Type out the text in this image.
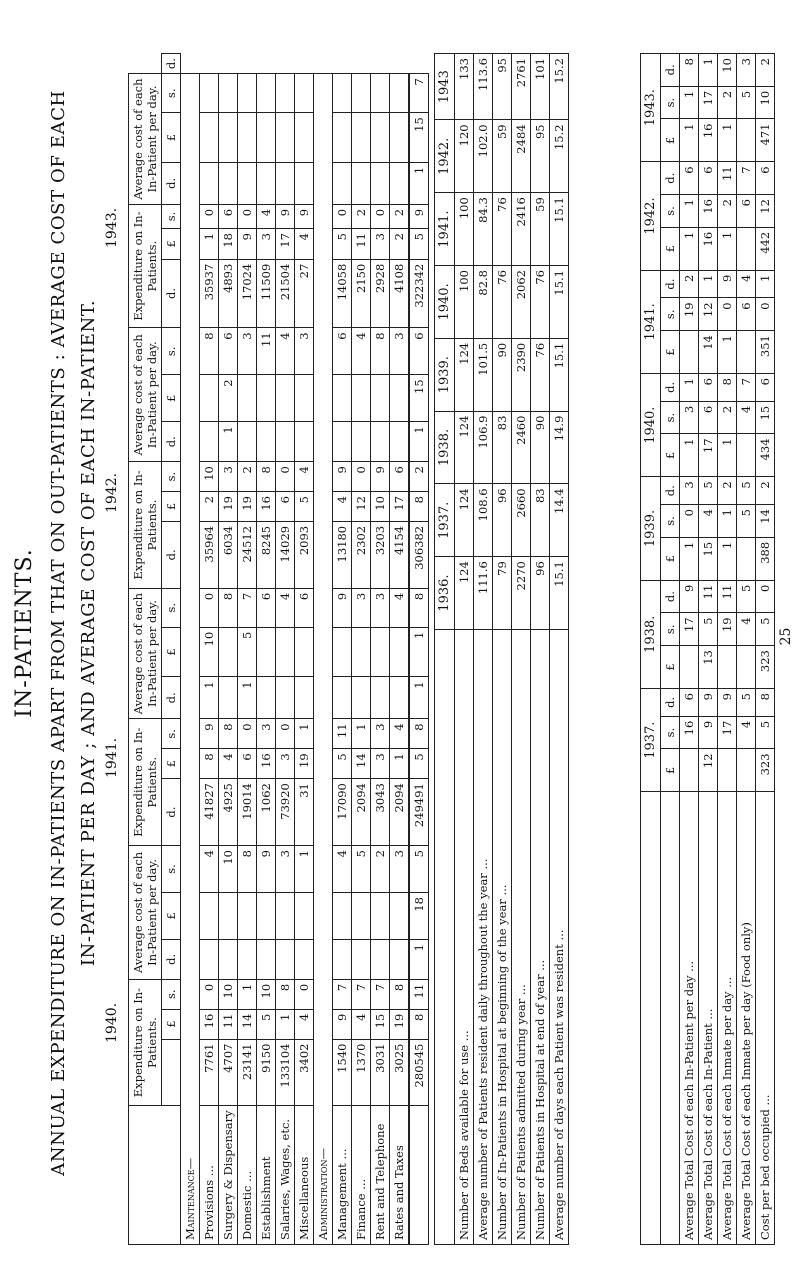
IN-PATIENTS. ANNUAL EXPENDITURE ON IN-PATIENTS APART FROM THAT ON OUT-PATIENTS : AVERAGE COST OF EACH IN-PATIENT PER DAY ; AND AVERAGE COST OF EACH IN-PATIENT.
1940.
1941.
1942.
1943.
	Expenditure on In-Patients.			Average cost of each In-Patient per day.			Expenditure on In-Patients.			Average cost of each In-Patient per day.			Expenditure on In-Patients.			Average cost of each In-Patient per day.			Expenditure on In-Patients.			Average cost of each In-Patient per day.			
		£	s.	d.	£	s.	d.	£	s.	d.	£	s.	d.	£	s.	d.	£	s.	d.	£	s.	d.	£	s.	d.
Maintenance—																									
Provisions ...	7761	16	0			4	41827	8	9	1	10	0	35964	2	10			8	35937	1	0				
Surgery & Dispensary	4707	11	10			10	4925	4	8			8	6034	19	3	1	2	6	4893	18	6				
Domestic ...	23141	14	1			8	19014	6	0	1	5	7	24512	19	2			3	17024	9	0				
Establishment	9150	5	10			9	1062	16	3			6	8245	16	8			11	11509	3	4				
Salaries, Wages, etc.	133104	1	8			3	73920	3	0			4	14029	6	0			4	21504	17	9				
Miscellaneous	3402	4	0			1	31	19	1			6	2093	5	4			3	27	4	9				
Administration—																									
Management ...	1540	9	7			4	17090	5	11			9	13180	4	9			6	14058	5	0				
Finance ...	1370	4	7			5	2094	14	1			3	2302	12	0			4	2150	11	2				
Rent and Telephone	3031	15	7			2	3043	3	3			3	3203	10	9			8	2928	3	0				
Rates and Taxes	3025	19	8			3	2094	1	4			4	4154	17	6			3	4108	2	2				
	280545	8	11	1	18	5	249491	5	8	1	1	8	306382	8	2	1	15	6	322342	5	9	1	15	7	
	1936.	1937.	1938.	1939.	1940.	1941.	1942.	1943
Number of Beds available for use ...	124	124	124	124	100	100	120	133
Average number of Patients resident daily throughout the year ...	111.6	108.6	106.9	101.5	82.8	84.3	102.0	113.6
Number of In-Patients in Hospital at beginning of the year ...	79	96	83	90	76	76	59	95
Number of Patients admitted during year ...	2270	2660	2460	2390	2062	2416	2484	2761
Number of Patients in Hospital at end of year ...	96	83	90	76	76	59	95	101
Average number of days each Patient was resident ...	15.1	14.4	14.9	15.1	15.1	15.1	15.2	15.2
	1937.			1938.			1939.			1940.			1941.			1942.			1943.		
	£	s.	d.	£	s.	d.	£	s.	d.	£	s.	d.	£	s.	d.	£	s.	d.	£	s.	d.
Average Total Cost of each In-Patient per day ...		16	6		17	9	1	0	3	1	3	1		19	2	1	1	6	1	1	8
Average Total Cost of each In-Patient ...	12	9	9	13	5	11	15	4	5	17	6	6	14	12	1	16	16	6	16	17	1
Average Total Cost of each Inmate per day ...		17	9		19	11	1	1	2	1	2	8	1	0	9	1	2	11	1	2	10
Average Total Cost of each Inmate per day (Food only)		4	5		4	5		5	5		4	7		6	4		6	7		5	3
Cost per bed occupied ...	323	5	8	323	5	0	388	14	2	434	15	6	351	0	1	442	12	6	471	10	2
25
